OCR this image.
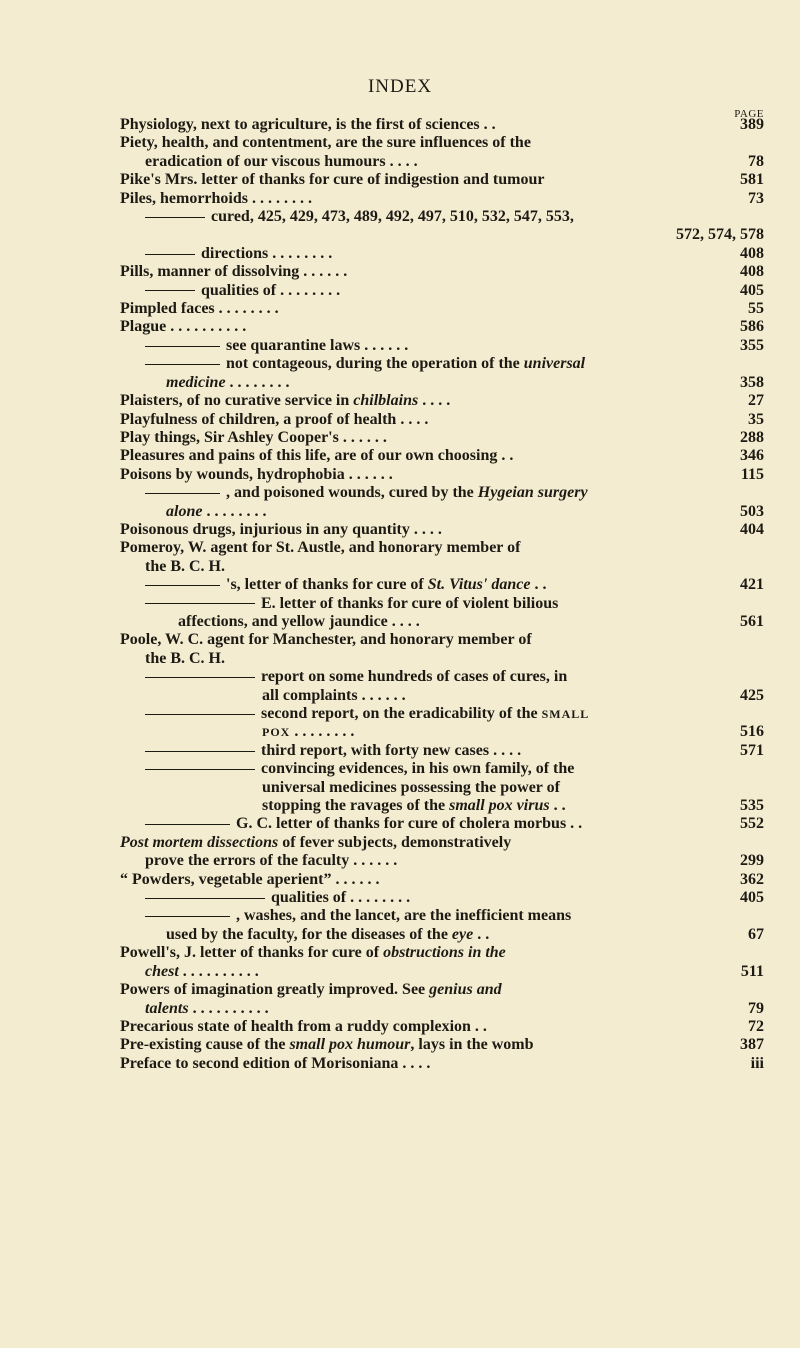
INDEX
PAGE
Physiology, next to agriculture, is the first of sciences . .	389
Piety, health, and contentment, are the sure influences of the
eradication of our viscous humours . . . .	78
Pike's Mrs. letter of thanks for cure of indigestion and tumour	581
Piles, hemorrhoids . . . . . . . .	73
cured, 425, 429, 473, 489, 492, 497, 510, 532, 547, 553,
572, 574, 578
directions . . . . . . . .	408
Pills, manner of dissolving . . . . . .	408
qualities of . . . . . . . .	405
Pimpled faces . . . . . . . .	55
Plague . . . . . . . . . .	586
see quarantine laws . . . . . .	355
not contageous, during the operation of the universal
medicine . . . . . . . .	358
Plaisters, of no curative service in chilblains . . . .	27
Playfulness of children, a proof of health . . . .	35
Play things, Sir Ashley Cooper's . . . . . .	288
Pleasures and pains of this life, are of our own choosing . .	346
Poisons by wounds, hydrophobia . . . . . .	115
, and poisoned wounds, cured by the Hygeian surgery
alone . . . . . . . .	503
Poisonous drugs, injurious in any quantity . . . .	404
Pomeroy, W. agent for St. Austle, and honorary member of
the B. C. H.
's, letter of thanks for cure of St. Vitus' dance . .	421
E. letter of thanks for cure of violent bilious
affections, and yellow jaundice . . . .	561
Poole, W. C. agent for Manchester, and honorary member of
the B. C. H.
report on some hundreds of cases of cures, in
all complaints . . . . . .	425
second report, on the eradicability of the SMALL
POX . . . . . . . .	516
third report, with forty new cases . . . .	571
convincing evidences, in his own family, of the
universal medicines possessing the power of
stopping the ravages of the small pox virus . .	535
G. C. letter of thanks for cure of cholera morbus . .	552
Post mortem dissections of fever subjects, demonstratively
prove the errors of the faculty . . . . . .	299
“ Powders, vegetable aperient” . . . . . .	362
qualities of . . . . . . . .	405
, washes, and the lancet, are the inefficient means
used by the faculty, for the diseases of the eye . .	67
Powell's, J. letter of thanks for cure of obstructions in the
chest . . . . . . . . . .	511
Powers of imagination greatly improved. See genius and
talents . . . . . . . . . .	79
Precarious state of health from a ruddy complexion . .	72
Pre-existing cause of the small pox humour, lays in the womb	387
Preface to second edition of Morisoniana . . . .	iii
